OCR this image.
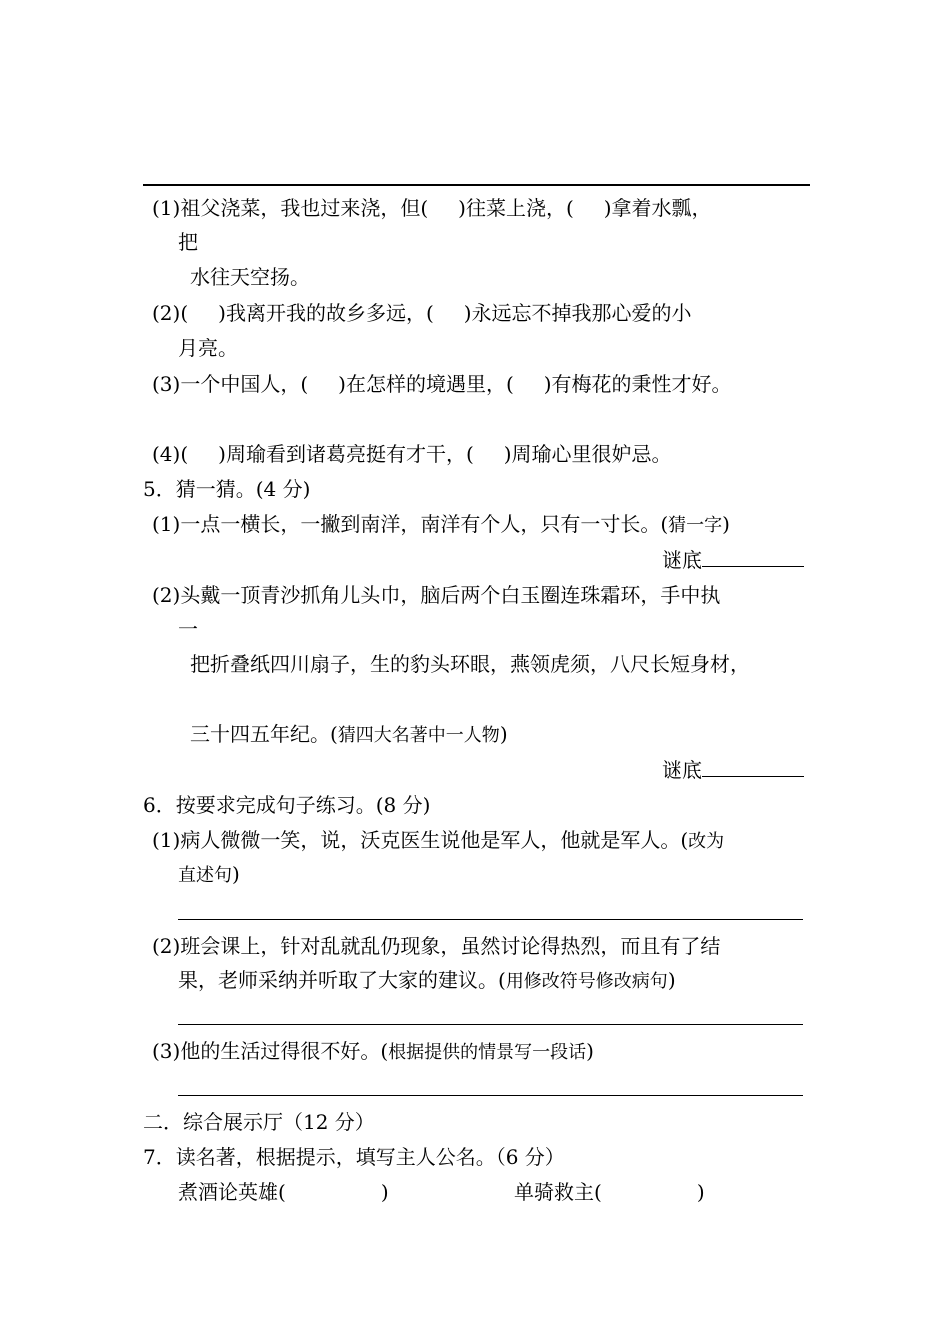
(1)祖父浇菜，我也过来浇，但( )往菜上浇，( )拿着水瓢，
把
水往天空扬。
(2)( )我离开我的故乡多远，( )永远忘不掉我那心爱的小
月亮。
(3)一个中国人，( )在怎样的境遇里，( )有梅花的秉性才好。
(4)( )周瑜看到诸葛亮挺有才干，( )周瑜心里很妒忌。
5．猜一猜。(4 分)
(1)一点一横长，一撇到南洋，南洋有个人，只有一寸长。(猜一字)
谜底
(2)头戴一顶青沙抓角儿头巾，脑后两个白玉圈连珠霜环，手中执
一
把折叠纸四川扇子，生的豹头环眼，燕领虎须，八尺长短身材，
三十四五年纪。(猜四大名著中一人物)
谜底
6．按要求完成句子练习。(8 分)
(1)病人微微一笑，说，沃克医生说他是军人，他就是军人。(改为
直述句)
(2)班会课上，针对乱就乱仍现象，虽然讨论得热烈，而且有了结
果，老师采纳并听取了大家的建议。(用修改符号修改病句)
(3)他的生活过得很不好。(根据提供的情景写一段话)
二．综合展示厅（12 分）
7．读名著，根据提示，填写主人公名。（6 分）
煮酒论英雄(	)	单骑救主(	)
